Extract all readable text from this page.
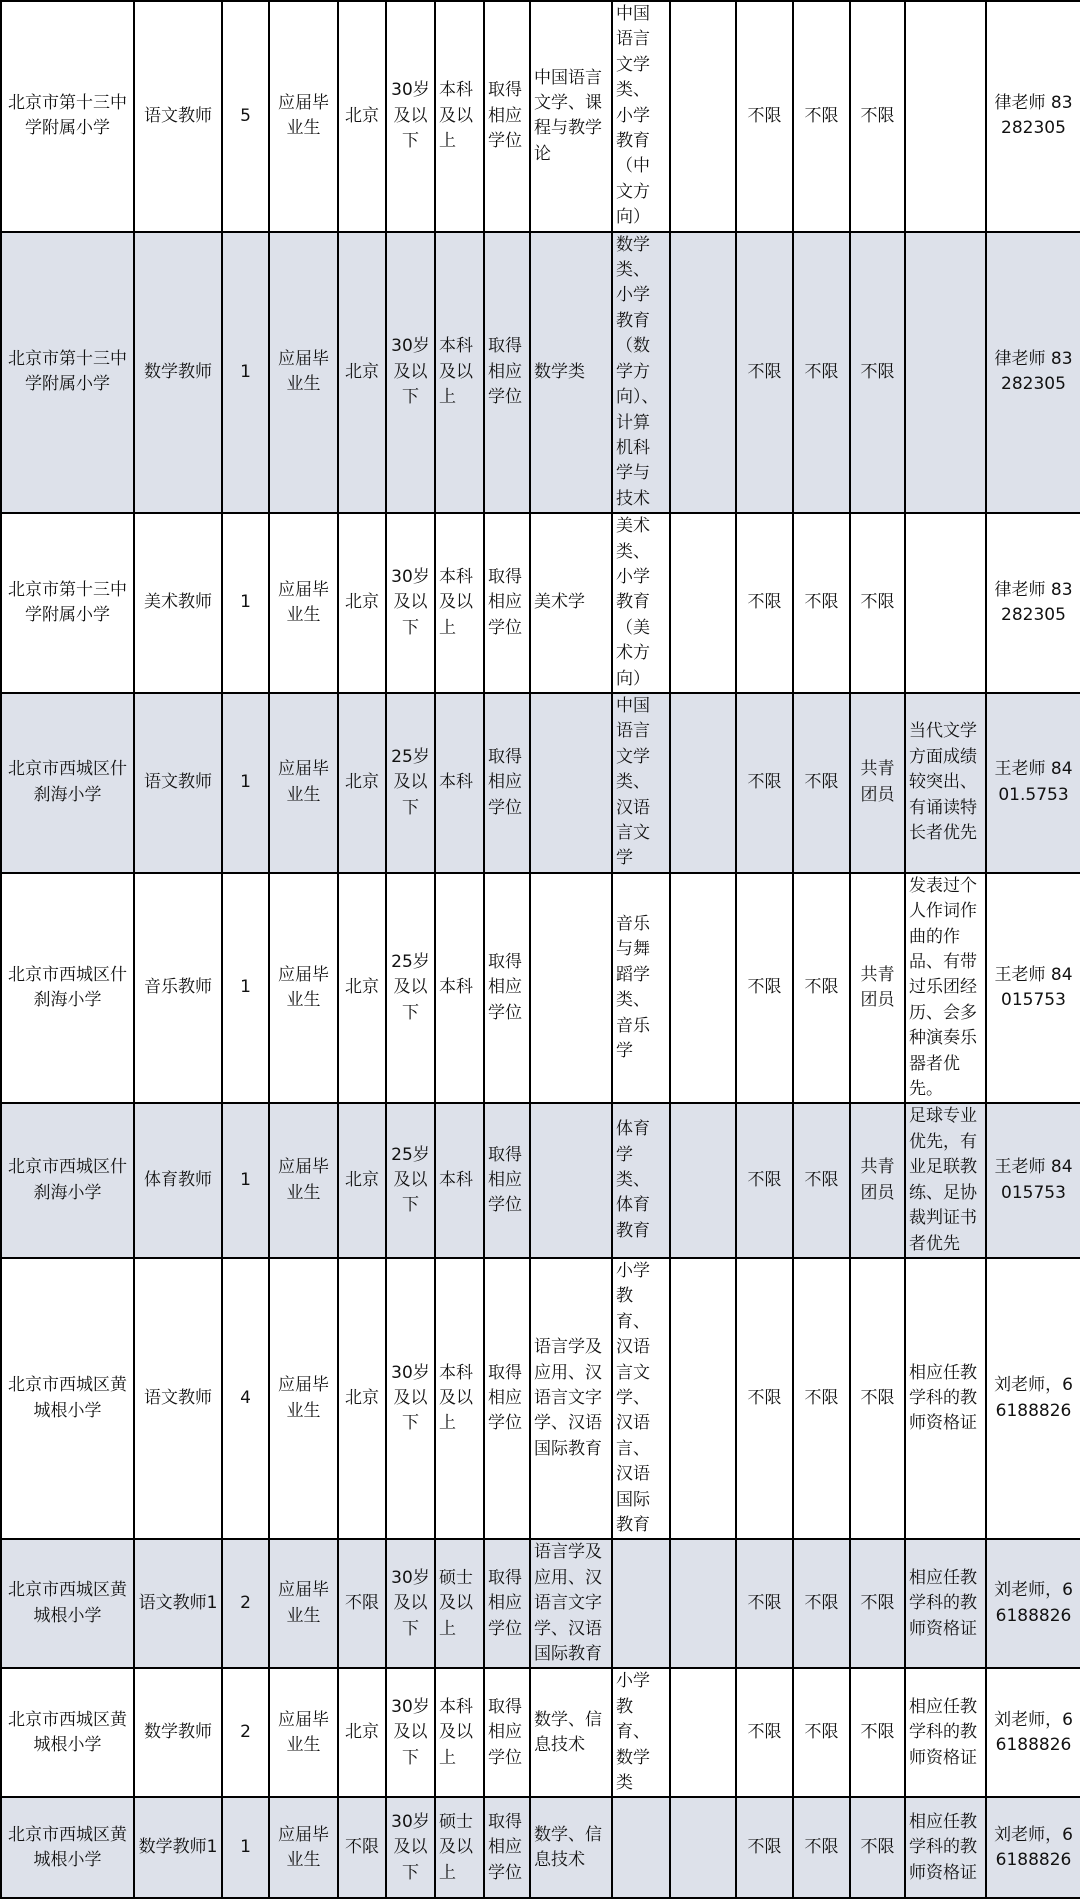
北京市第十三中学附属小学	语文教师	5	应届毕业生	北京	30岁及以下	本科及以上	取得相应学位	中国语言文学、课程与教学论	中国语言文学类、小学教育（中文方向）		不限	不限	不限		律老师 83282305
北京市第十三中学附属小学	数学教师	1	应届毕业生	北京	30岁及以下	本科及以上	取得相应学位	数学类	数学类、小学教育（数学方向）、计算机科学与技术		不限	不限	不限		律老师 83282305
北京市第十三中学附属小学	美术教师	1	应届毕业生	北京	30岁及以下	本科及以上	取得相应学位	美术学	美术类、小学教育（美术方向）		不限	不限	不限		律老师 83282305
北京市西城区什刹海小学	语文教师	1	应届毕业生	北京	25岁及以下	本科	取得相应学位		中国语言文学类、汉语言文学		不限	不限	共青团员	当代文学方面成绩较突出、有诵读特长者优先	王老师 8401.5753
北京市西城区什刹海小学	音乐教师	1	应届毕业生	北京	25岁及以下	本科	取得相应学位		音乐与舞蹈学类、 音乐学		不限	不限	共青团员	发表过个人作词作曲的作品、有带过乐团经历、会多种演奏乐器者优先。	王老师 84015753
北京市西城区什刹海小学	体育教师	1	应届毕业生	北京	25岁及以下	本科	取得相应学位		体育学类、体育教育		不限	不限	共青团员	足球专业优先，有业足联教练、足协裁判证书者优先	王老师 84015753
北京市西城区黄城根小学	语文教师	4	应届毕业生	北京	30岁及以下	本科及以上	取得相应学位	语言学及应用、汉语言文字学、汉语国际教育	小学教育、汉语言文学、汉语言、汉语国际教育		不限	不限	不限	相应任教学科的教师资格证	刘老师，66188826
北京市西城区黄城根小学	语文教师1	2	应届毕业生	不限	30岁及以下	硕士及以上	取得相应学位	语言学及应用、汉语言文字学、汉语国际教育			不限	不限	不限	相应任教学科的教师资格证	刘老师，66188826
北京市西城区黄城根小学	数学教师	2	应届毕业生	北京	30岁及以下	本科及以上	取得相应学位	数学、信息技术	小学教育、数学类		不限	不限	不限	相应任教学科的教师资格证	刘老师，66188826
北京市西城区黄城根小学	数学教师1	1	应届毕业生	不限	30岁及以下	硕士及以上	取得相应学位	数学、信息技术			不限	不限	不限	相应任教学科的教师资格证	刘老师，66188826
